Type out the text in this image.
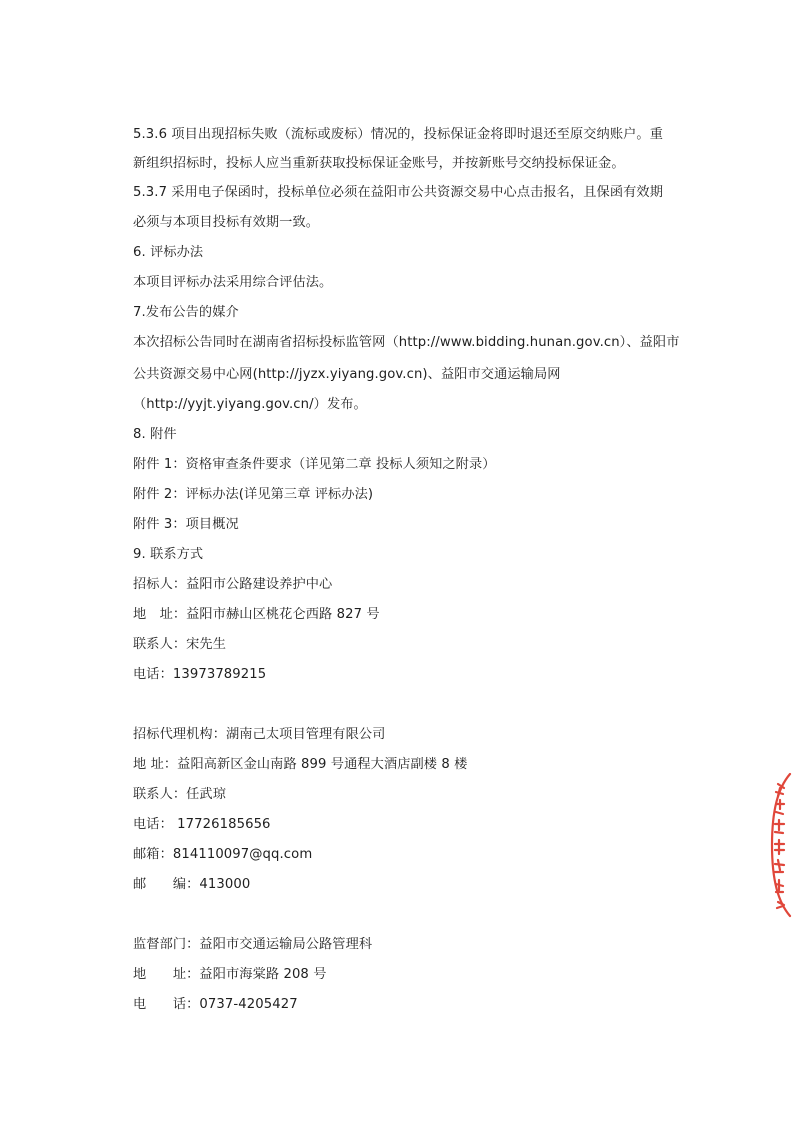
5.3.6 项目出现招标失败（流标或废标）情况的，投标保证金将即时退还至原交纳账户。重
新组织招标时，投标人应当重新获取投标保证金账号，并按新账号交纳投标保证金。
5.3.7 采用电子保函时，投标单位必须在益阳市公共资源交易中心点击报名，且保函有效期
必须与本项目投标有效期一致。
6. 评标办法
本项目评标办法采用综合评估法。
7.发布公告的媒介
本次招标公告同时在湖南省招标投标监管网（http://www.bidding.hunan.gov.cn）、益阳市
公共资源交易中心网(http://jyzx.yiyang.gov.cn)、益阳市交通运输局网
（http://yyjt.yiyang.gov.cn/）发布。
8. 附件
附件 1：资格审查条件要求（详见第二章 投标人须知之附录）
附件 2：评标办法(详见第三章 评标办法)
附件 3：项目概况
9. 联系方式
招标人：益阳市公路建设养护中心
地　址：益阳市赫山区桃花仑西路 827 号
联系人：宋先生
电话：13973789215
招标代理机构：湖南己太项目管理有限公司
地 址：益阳高新区金山南路 899 号通程大酒店副楼 8 楼
联系人：任武琼
电话： 17726185656
邮箱：814110097@qq.com
邮　　编：413000
监督部门：益阳市交通运输局公路管理科
地　　址：益阳市海棠路 208 号
电　　话：0737-4205427
